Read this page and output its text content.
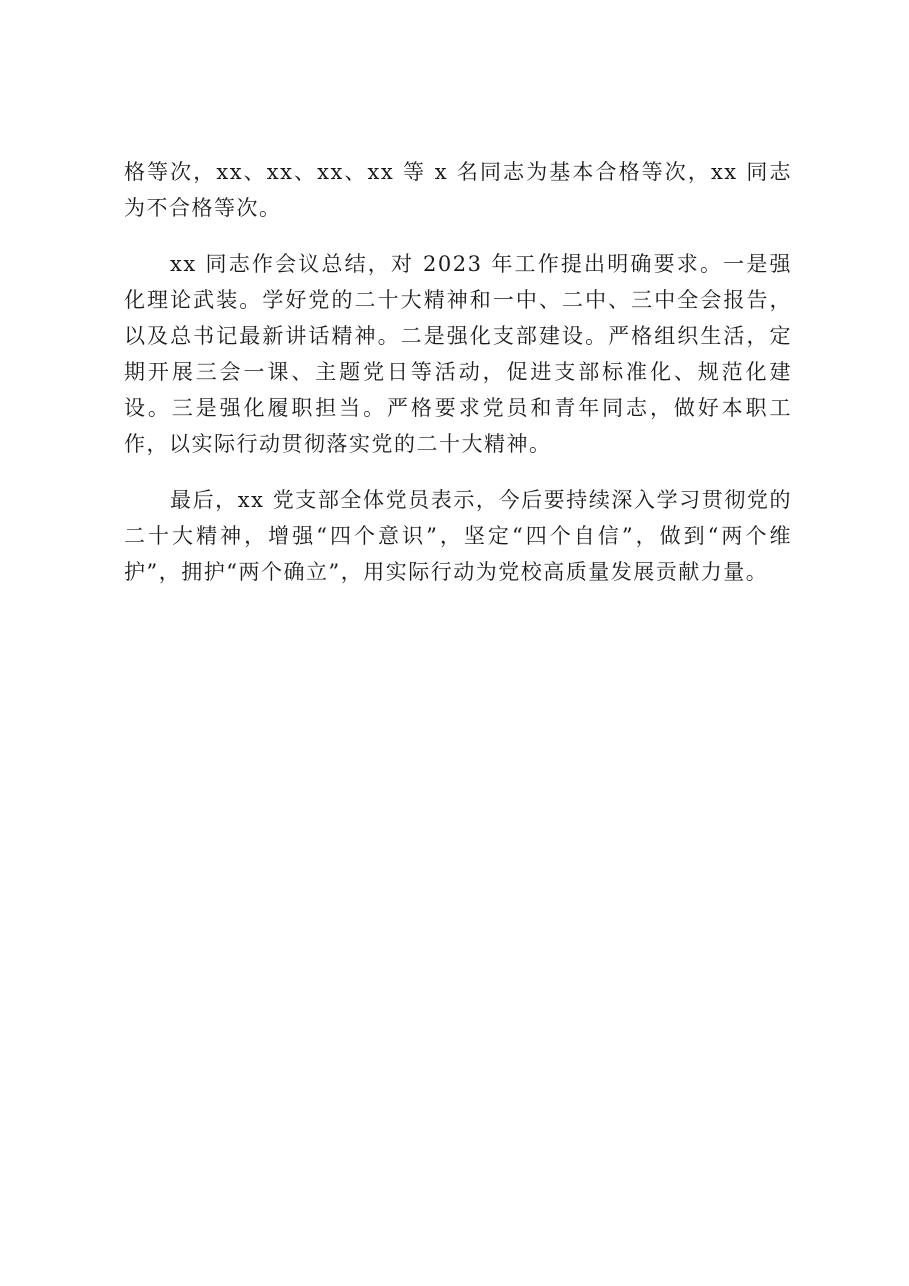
格等次，xx、xx、xx、xx 等 x 名同志为基本合格等次，xx 同志为不合格等次。

xx 同志作会议总结，对 2023 年工作提出明确要求。一是强化理论武装。学好党的二十大精神和一中、二中、三中全会报告，以及总书记最新讲话精神。二是强化支部建设。严格组织生活，定期开展三会一课、主题党日等活动，促进支部标准化、规范化建设。三是强化履职担当。严格要求党员和青年同志，做好本职工作，以实际行动贯彻落实党的二十大精神。

最后，xx 党支部全体党员表示，今后要持续深入学习贯彻党的二十大精神，增强“四个意识”，坚定“四个自信”，做到“两个维护”，拥护“两个确立”，用实际行动为党校高质量发展贡献力量。
